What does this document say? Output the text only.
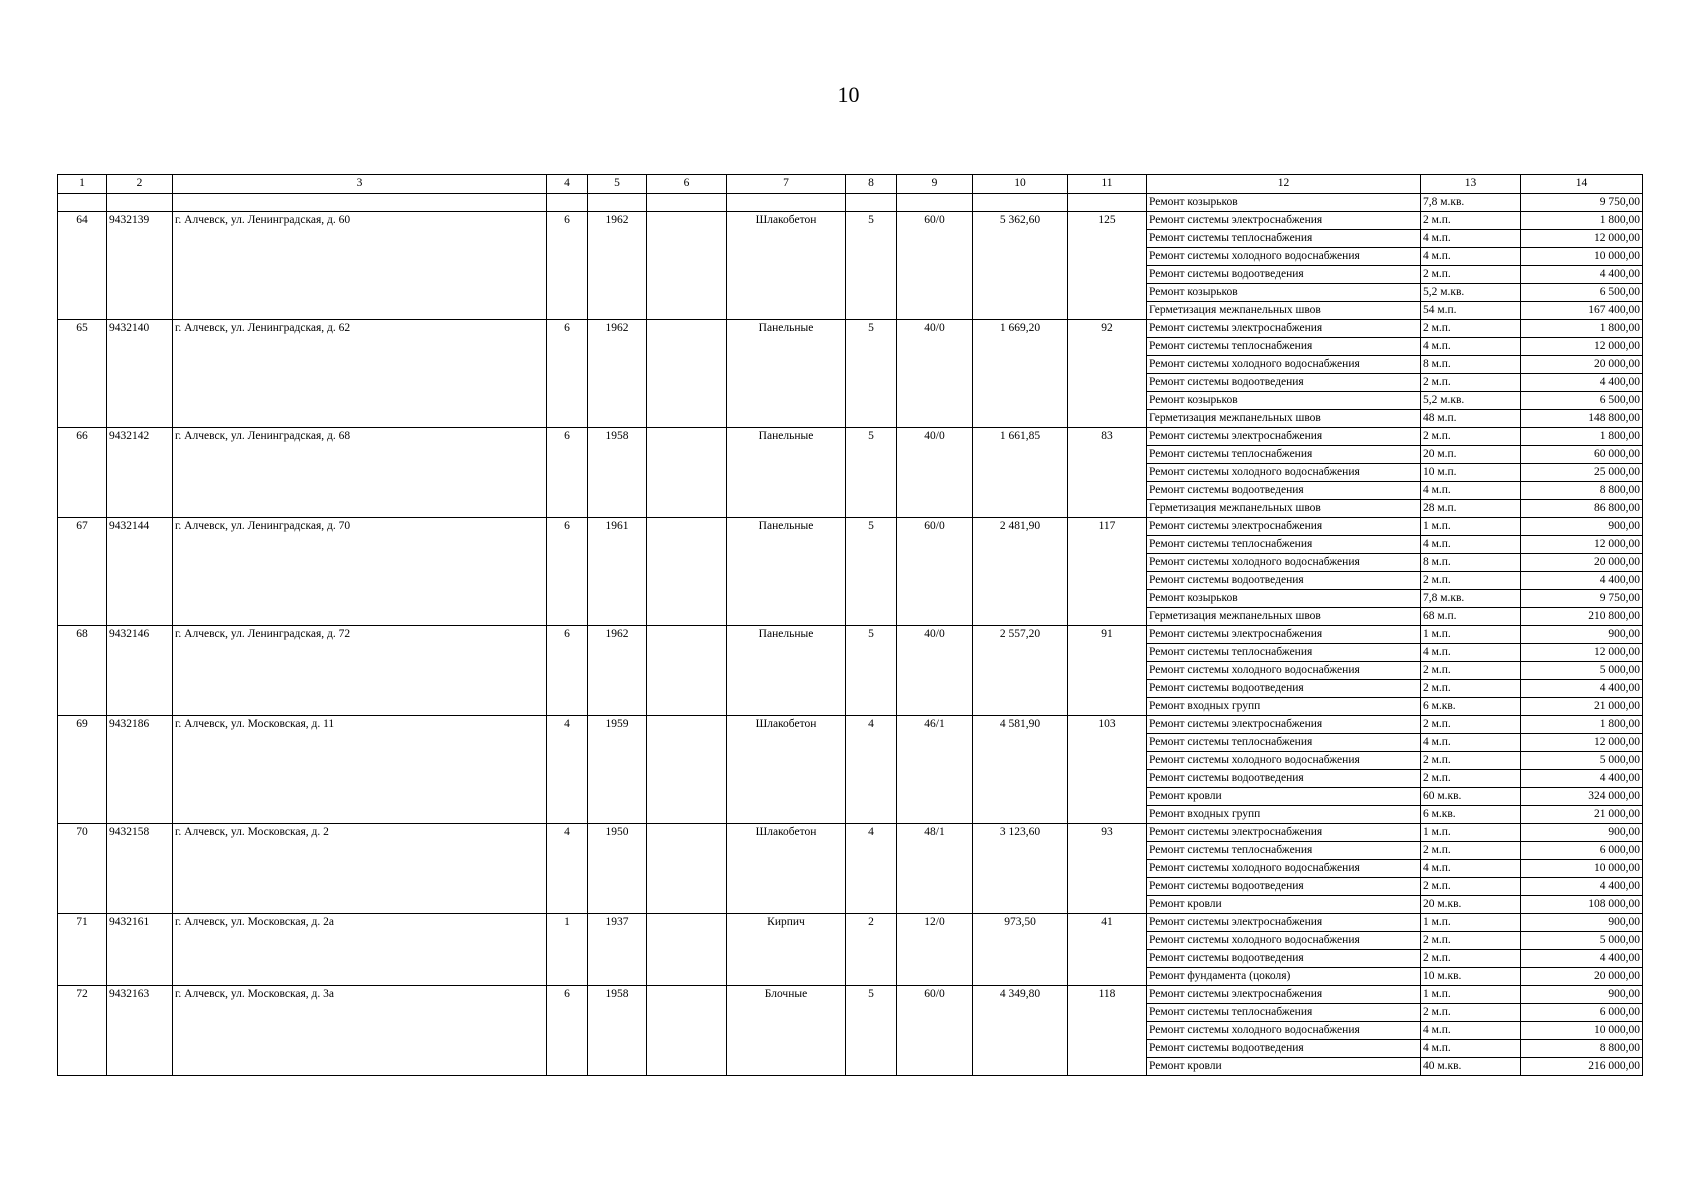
10
1	2	3	4	5	6	7	8	9	10	11	12	13	14
											Ремонт козырьков	7,8 м.кв.	9 750,00
64	9432139	г. Алчевск, ул. Ленинградская, д. 60	6	1962		Шлакобетон	5	60/0	5 362,60	125	Ремонт системы электроснабжения	2 м.п.	1 800,00
											Ремонт системы теплоснабжения	4 м.п.	12 000,00
											Ремонт системы холодного водоснабжения	4 м.п.	10 000,00
											Ремонт системы водоотведения	2 м.п.	4 400,00
											Ремонт козырьков	5,2 м.кв.	6 500,00
											Герметизация межпанельных швов	54 м.п.	167 400,00
65	9432140	г. Алчевск, ул. Ленинградская, д. 62	6	1962		Панельные	5	40/0	1 669,20	92	Ремонт системы электроснабжения	2 м.п.	1 800,00
											Ремонт системы теплоснабжения	4 м.п.	12 000,00
											Ремонт системы холодного водоснабжения	8 м.п.	20 000,00
											Ремонт системы водоотведения	2 м.п.	4 400,00
											Ремонт козырьков	5,2 м.кв.	6 500,00
											Герметизация межпанельных швов	48 м.п.	148 800,00
66	9432142	г. Алчевск, ул. Ленинградская, д. 68	6	1958		Панельные	5	40/0	1 661,85	83	Ремонт системы электроснабжения	2 м.п.	1 800,00
											Ремонт системы теплоснабжения	20 м.п.	60 000,00
											Ремонт системы холодного водоснабжения	10 м.п.	25 000,00
											Ремонт системы водоотведения	4 м.п.	8 800,00
											Герметизация межпанельных швов	28 м.п.	86 800,00
67	9432144	г. Алчевск, ул. Ленинградская, д. 70	6	1961		Панельные	5	60/0	2 481,90	117	Ремонт системы электроснабжения	1 м.п.	900,00
											Ремонт системы теплоснабжения	4 м.п.	12 000,00
											Ремонт системы холодного водоснабжения	8 м.п.	20 000,00
											Ремонт системы водоотведения	2 м.п.	4 400,00
											Ремонт козырьков	7,8 м.кв.	9 750,00
											Герметизация межпанельных швов	68 м.п.	210 800,00
68	9432146	г. Алчевск, ул. Ленинградская, д. 72	6	1962		Панельные	5	40/0	2 557,20	91	Ремонт системы электроснабжения	1 м.п.	900,00
											Ремонт системы теплоснабжения	4 м.п.	12 000,00
											Ремонт системы холодного водоснабжения	2 м.п.	5 000,00
											Ремонт системы водоотведения	2 м.п.	4 400,00
											Ремонт входных групп	6 м.кв.	21 000,00
69	9432186	г. Алчевск, ул. Московская, д. 11	4	1959		Шлакобетон	4	46/1	4 581,90	103	Ремонт системы электроснабжения	2 м.п.	1 800,00
											Ремонт системы теплоснабжения	4 м.п.	12 000,00
											Ремонт системы холодного водоснабжения	2 м.п.	5 000,00
											Ремонт системы водоотведения	2 м.п.	4 400,00
											Ремонт кровли	60 м.кв.	324 000,00
											Ремонт входных групп	6 м.кв.	21 000,00
70	9432158	г. Алчевск, ул. Московская, д. 2	4	1950		Шлакобетон	4	48/1	3 123,60	93	Ремонт системы электроснабжения	1 м.п.	900,00
											Ремонт системы теплоснабжения	2 м.п.	6 000,00
											Ремонт системы холодного водоснабжения	4 м.п.	10 000,00
											Ремонт системы водоотведения	2 м.п.	4 400,00
											Ремонт кровли	20 м.кв.	108 000,00
71	9432161	г. Алчевск, ул. Московская, д. 2а	1	1937		Кирпич	2	12/0	973,50	41	Ремонт системы электроснабжения	1 м.п.	900,00
											Ремонт системы холодного водоснабжения	2 м.п.	5 000,00
											Ремонт системы водоотведения	2 м.п.	4 400,00
											Ремонт фундамента (цоколя)	10 м.кв.	20 000,00
72	9432163	г. Алчевск, ул. Московская, д. 3а	6	1958		Блочные	5	60/0	4 349,80	118	Ремонт системы электроснабжения	1 м.п.	900,00
											Ремонт системы теплоснабжения	2 м.п.	6 000,00
											Ремонт системы холодного водоснабжения	4 м.п.	10 000,00
											Ремонт системы водоотведения	4 м.п.	8 800,00
											Ремонт кровли	40 м.кв.	216 000,00
